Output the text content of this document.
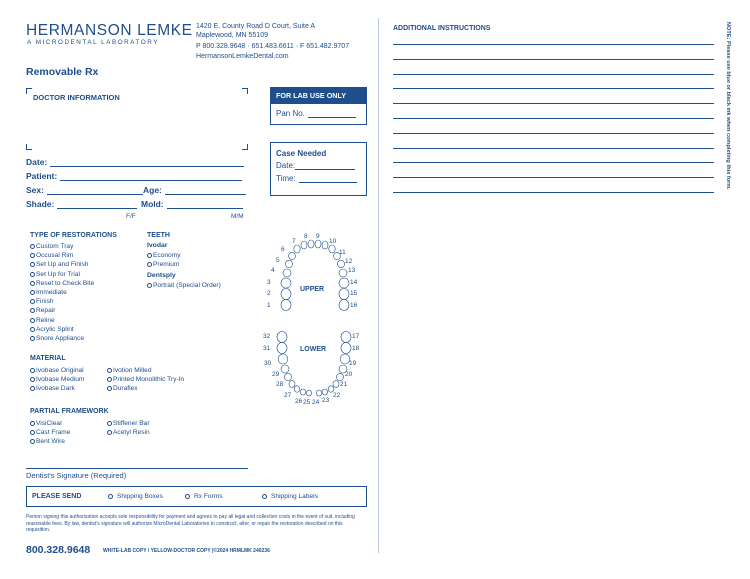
HERMANSON LEMKE
A MICRODENTAL LABORATORY
1420 E. County Road D Court, Suite A
Maplewood, MN 55109
P 800.328.9648 · 651.483.6611 · F 651.482.9707
HermansonLemkeDental.com
Removable Rx
DOCTOR INFORMATION	FOR LAB USE ONLY
Pan No.
Case Needed
Date:
Time:
Date:
Patient:
Sex:	Age:
Shade:	Mold:
F/F	M/M
TYPE OF RESTORATIONS
Custom Tray
Occusal Rim
Set Up and Finish
Set Up for Trial
Reset to Check Bite
Immediate
Finish
Repair
Reline
Acrylic Splint
Snore Appliance
TEETH
Ivodar
Economy
Premium
Dentsply
Portrait (Special Order)
MATERIAL
Ivobase Original
Ivobase Medium
Ivobase Dark
Ivotion Milled
Printed Monolithic Try-In
Duraflex
PARTIAL FRAMEWORK
VisiClear
Cast Frame
Bent Wire
Stiffener Bar
Acetyl Resin
8 9
7	10
6	11
5	12
4	13
3	14
2	15
1	16
UPPER
LOWER
32	17
31	18
30	19
29	20
28	21
27	22
26 25 24 23
Dentist's Signature (Required)
PLEASE SEND	Shipping Boxes	Rx Forms	Shipping Labels
Person signing this authorization accepts sole responsibility for payment and agrees to pay all legal and collection costs in the event of suit, including reasonable fees. By law, dentist's signature will authorize MicroDental Laboratories to construct, alter, or repair the restoration described on this requisition.
800.328.9648	WHITE-LAB COPY / YELLOW-DOCTOR COPY |©2024 HRMLMK 240236
ADDITIONAL INSTRUCTIONS	NOTE: Please use blue or black ink when completing this form.
